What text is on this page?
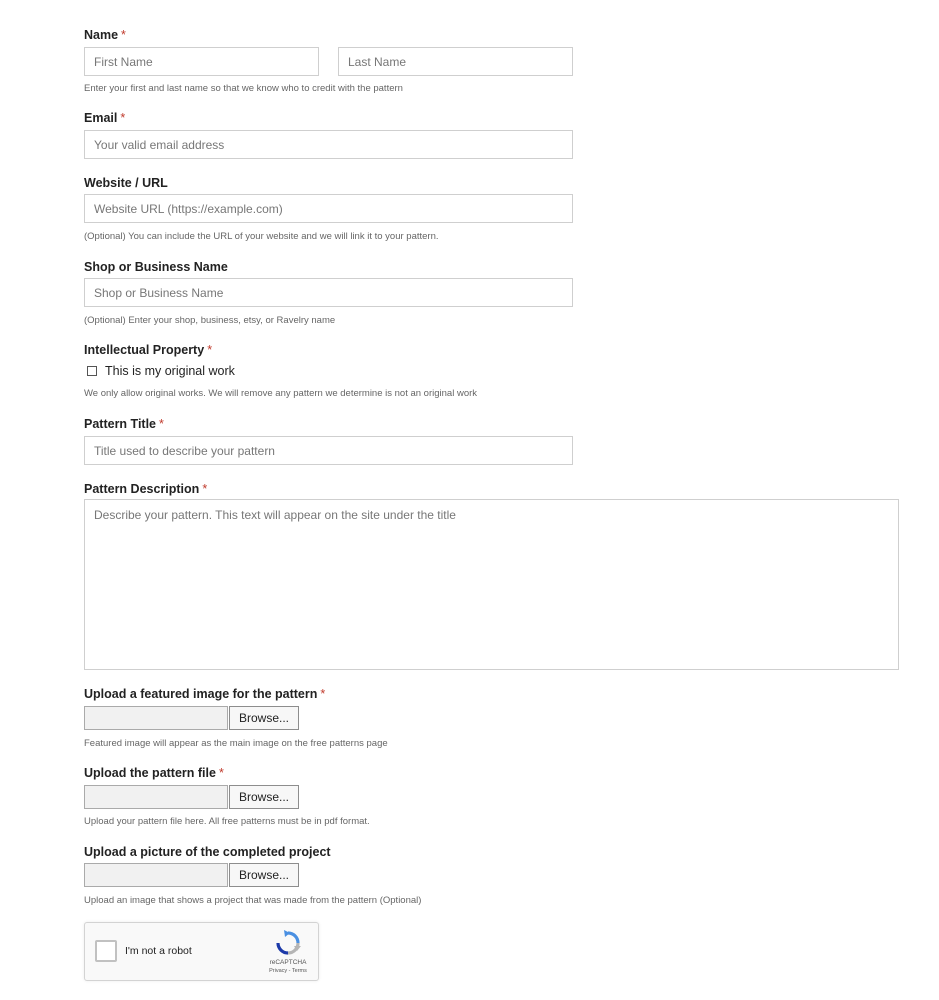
Name *
First Name	Last Name
Enter your first and last name so that we know who to credit with the pattern
Email *
Your valid email address
Website / URL
Website URL (https://example.com)
(Optional) You can include the URL of your website and we will link it to your pattern.
Shop or Business Name
Shop or Business Name
(Optional) Enter your shop, business, etsy, or Ravelry name
Intellectual Property *
This is my original work
We only allow original works. We will remove any pattern we determine is not an original work
Pattern Title *
Title used to describe your pattern
Pattern Description *
Describe your pattern. This text will appear on the site under the title
Upload a featured image for the pattern *
Browse...
Featured image will appear as the main image on the free patterns page
Upload the pattern file *
Browse...
Upload your pattern file here. All free patterns must be in pdf format.
Upload a picture of the completed project
Browse...
Upload an image that shows a project that was made from the pattern (Optional)
I'm not a robot
reCAPTCHA
Privacy - Terms
